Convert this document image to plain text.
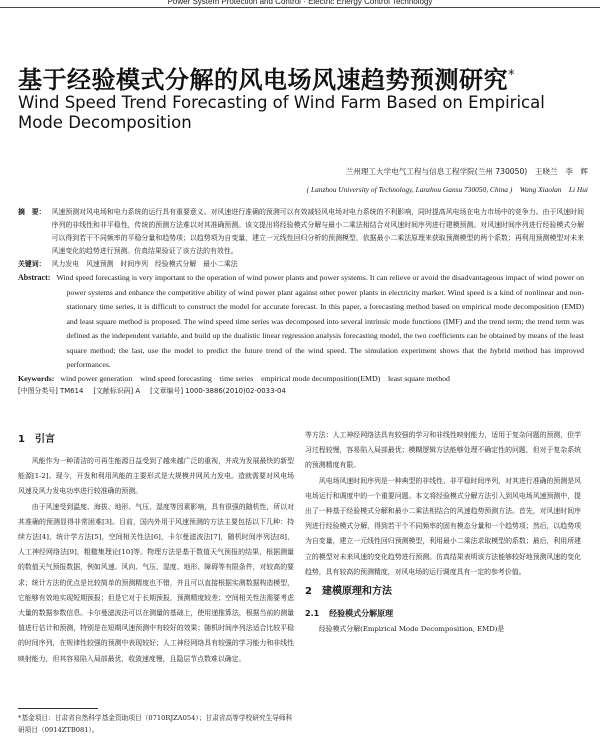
Power System Protection and Control · Electric Energy Control Technology
基于经验模式分解的风电场风速趋势预测研究*
Wind Speed Trend Forecasting of Wind Farm Based on Empirical Mode Decomposition
兰州理工大学电气工程与信息工程学院(兰州 730050)　王晓兰　李　辉
( Lanzhou University of Technology, Lanzhou Gansu 730050, China )　Wang Xiaolan　Li Hui
摘　要： 风速预测对风电场和电力系统的运行具有重要意义。对风速进行准确的预测可以有效减轻风电场对电力系统的不利影响，同时提高风电场在电力市场中的竞争力。由于风速时间序列的非线性和非平稳性，传统的预测方法难以对其准确预测。该文提出将经验模式分解与最小二乘法相结合对风速时间序列进行建模预测。对风速时间序列进行经验模式分解可以得到若干不同频率的平稳分量和趋势项；以趋势项为自变量，建立一元线性回归分析的预测模型，依据最小二乘法原理来获取预测模型的两个系数；再利用预测模型对未来风速变化的趋势进行预测。仿真结果验证了该方法的有效性。
关键词： 风力发电　风速预测　时间序列　经验模式分解　最小二乘法
Abstract: Wind speed forecasting is very important to the operation of wind power plants and power systems. It can relieve or avoid the disadvantageous impact of wind power on power systems and enhance the competitive ability of wind power plant against other power plants in electricity market. Wind speed is a kind of nonlinear and non-stationary time series, it is difficult to construct the model for accurate forecast. In this paper, a forecasting method based on empirical mode decomposition (EMD) and least square method is proposed. The wind speed time series was decomposed into several intrinsic mode functions (IMF) and the trend term; the trend term was defined as the independent variable, and build up the dualistic linear regression analysis forecasting model, the two coefficients can be obtained by means of the least square method; the last, use the model to predict the future trend of the wind speed. The simulation experiment shows that the hybrid method has improved performances.
Keywords: wind power generation　wind speed forecasting　time series　empirical mode decomposition(EMD)　least square method
[中图分类号] TM614 [文献标识码] A [文章编号] 1000-3886(2010)02-0033-04
1 引言

风能作为一种清洁的可再生能源日益受到了越来越广泛的重视，并成为发展最快的新型能源[1-2]。现今，开发和利用风能的主要形式是大规模并网风力发电。造就需要对风电场风速及风力发电功率进行较准确的预测。

由于风速受到温度、海拔、地形、气压、湿度等因素影响，具有很强的随机性，所以对其准确的预测显得非常困难[3]。目前，国内外用于风速预测的方法主要包括以下几种：持续方法[4]、统计学方法[5]，空间相关性法[6]，卡尔曼滤波法[7]，随机时间序列法[8]，人工神经网络法[9]，粗糙集理论[10]等。物理方法是基于数值天气预报的结果，根据测量的数值天气预报数据，例如风速、风向、气压、湿度、地形、障碍等有限条件，对较高的要求；统计方法的优点是比较简单的预测精度也不错，并且可以直接根据实测数据构造模型，它能够有效地实现短期预报；但是它对于长期预报，预测精度较差；空间相关性法需要考虑大量的数据参数信息。卡尔曼滤波法可以在测量的基础上，使用递推算法，根据当前的测量值进行估计和预测，特别是在短期风速预测中有较好的效果；随机时间序列法适合比较平稳的时间序列，在规律性较强的预测中表现较好；人工神经网络具有较强的学习能力和非线性映射能力，但其容易陷入局部最优，收敛速度慢，且隐层节点数难以确定。

等方法：人工神经网络法具有较强的学习和非线性映射能力，适用于复杂问题的预测，但学习过程较慢，容易陷入局部最优；模糊逻辑方法能够处理不确定性的问题，但对于复杂系统的预测精度有限。

风电场风速时间序列是一种典型的非线性、非平稳时间序列，对其进行准确的预测是风电场运行和调度中的一个重要问题。本文将经验模式分解方法引入到风电场风速预测中，提出了一种基于经验模式分解和最小二乘法相结合的风速趋势预测方法。首先，对风速时间序列进行经验模式分解，得到若干个不同频率的固有模态分量和一个趋势项；然后，以趋势项为自变量，建立一元线性回归预测模型，利用最小二乘法求取模型的系数；最后，利用所建立的模型对未来风速的变化趋势进行预测。仿真结果表明该方法能够较好地预测风速的变化趋势，具有较高的预测精度，对风电场的运行调度具有一定的参考价值。

2 建模原理和方法
2.1 经验模式分解原理

经验模式分解(Empirical Mode Decomposition, EMD)是

*基金项目：甘肃省自然科学基金资助项目（0710RJZA054）；甘肃省高等学校研究生导师科研项目（0914ZTB081）。
